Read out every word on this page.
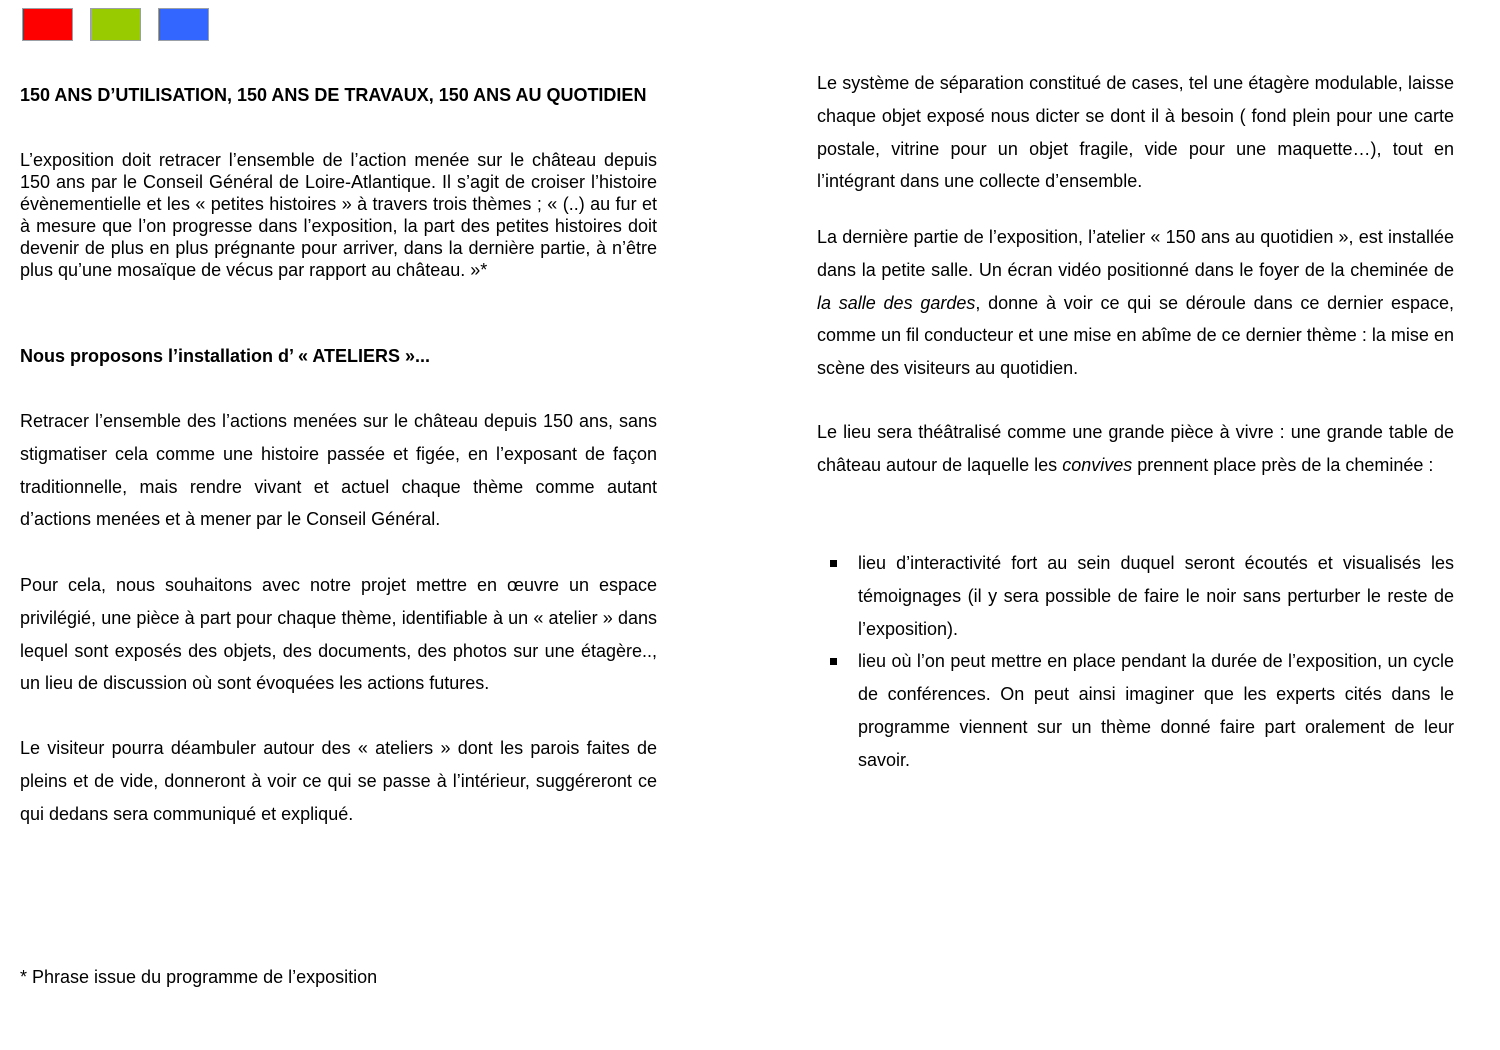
150 ANS D’UTILISATION, 150 ANS DE TRAVAUX, 150 ANS AU QUOTIDIEN

L’exposition doit retracer l’ensemble de l’action menée sur le château depuis 150 ans par le Conseil Général de Loire-Atlantique. Il s’agit de croiser l’histoire évènementielle et les « petites histoires » à travers trois thèmes ; « (..) au fur et à mesure que l’on progresse dans l’exposition, la part des petites histoires doit devenir de plus en plus prégnante pour arriver, dans la dernière partie, à n’être plus qu’une mosaïque de vécus par rapport au château. »*

Nous proposons l’installation d’ « ATELIERS »...

Retracer l’ensemble des l’actions menées sur le château depuis 150 ans, sans stigmatiser cela comme une histoire passée et figée, en l’exposant de façon traditionnelle, mais rendre vivant et actuel chaque thème comme autant d’actions menées et à mener par le Conseil Général.

Pour cela, nous souhaitons avec notre projet mettre en œuvre un espace privilégié, une pièce à part pour chaque thème, identifiable à un « atelier » dans lequel sont exposés des objets, des documents, des photos sur une étagère.., un lieu de discussion où sont évoquées les actions futures.

Le visiteur pourra déambuler autour des « ateliers » dont les parois faites de pleins et de vide, donneront à voir ce qui se passe à l’intérieur, suggéreront ce qui dedans sera communiqué et expliqué.

* Phrase issue du programme de l’exposition

Le système de séparation constitué de cases, tel une étagère modulable, laisse chaque objet exposé nous dicter se dont il à besoin ( fond plein pour une carte postale, vitrine pour un objet fragile, vide pour une maquette…), tout en l’intégrant dans une collecte d’ensemble.

La dernière partie de l’exposition, l’atelier « 150 ans au quotidien », est installée dans la petite salle. Un écran vidéo positionné dans le foyer de la cheminée de la salle des gardes, donne à voir ce qui se déroule dans ce dernier espace, comme un fil conducteur et une mise en abîme de ce dernier thème : la mise en scène des visiteurs au quotidien.

Le lieu sera théâtralisé comme une grande pièce à vivre : une grande table de château autour de laquelle les convives prennent place près de la cheminée :

lieu d’interactivité fort au sein duquel seront écoutés et visualisés les témoignages (il y sera possible de faire le noir sans perturber le reste de l’exposition).
lieu où l’on peut mettre en place pendant la durée de l’exposition, un cycle de conférences. On peut ainsi imaginer que les experts cités dans le programme viennent sur un thème donné faire part oralement de leur savoir.
